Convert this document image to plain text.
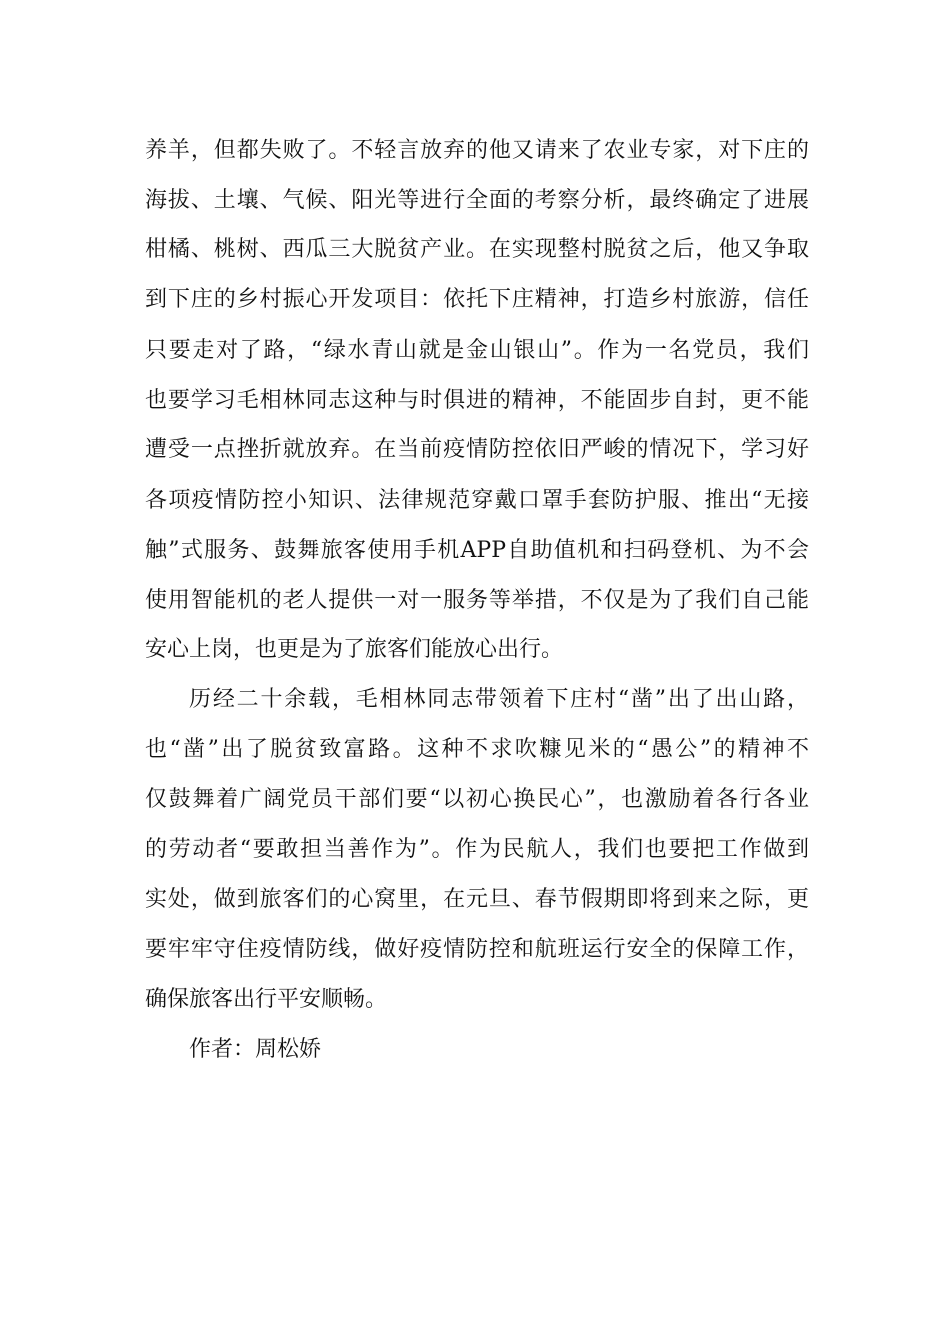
养羊，但都失败了。不轻言放弃的他又请来了农业专家，对下庄的
海拔、土壤、气候、阳光等进行全面的考察分析，最终确定了进展
柑橘、桃树、西瓜三大脱贫产业。在实现整村脱贫之后，他又争取
到下庄的乡村振心开发项目：依托下庄精神，打造乡村旅游，信任
只要走对了路，“绿水青山就是金山银山”。作为一名党员，我们
也要学习毛相林同志这种与时俱进的精神，不能固步自封，更不能
遭受一点挫折就放弃。在当前疫情防控依旧严峻的情况下，学习好
各项疫情防控小知识、法律规范穿戴口罩手套防护服、推出“无接
触”式服务、鼓舞旅客使用手机APP自助值机和扫码登机、为不会
使用智能机的老人提供一对一服务等举措，不仅是为了我们自己能
安心上岗，也更是为了旅客们能放心出行。
历经二十余载，毛相林同志带领着下庄村“凿”出了出山路，
也“凿”出了脱贫致富路。这种不求吹糠见米的“愚公”的精神不
仅鼓舞着广阔党员干部们要“以初心换民心”，也激励着各行各业
的劳动者“要敢担当善作为”。作为民航人，我们也要把工作做到
实处，做到旅客们的心窝里，在元旦、春节假期即将到来之际，更
要牢牢守住疫情防线，做好疫情防控和航班运行安全的保障工作，
确保旅客出行平安顺畅。
作者：周松娇
